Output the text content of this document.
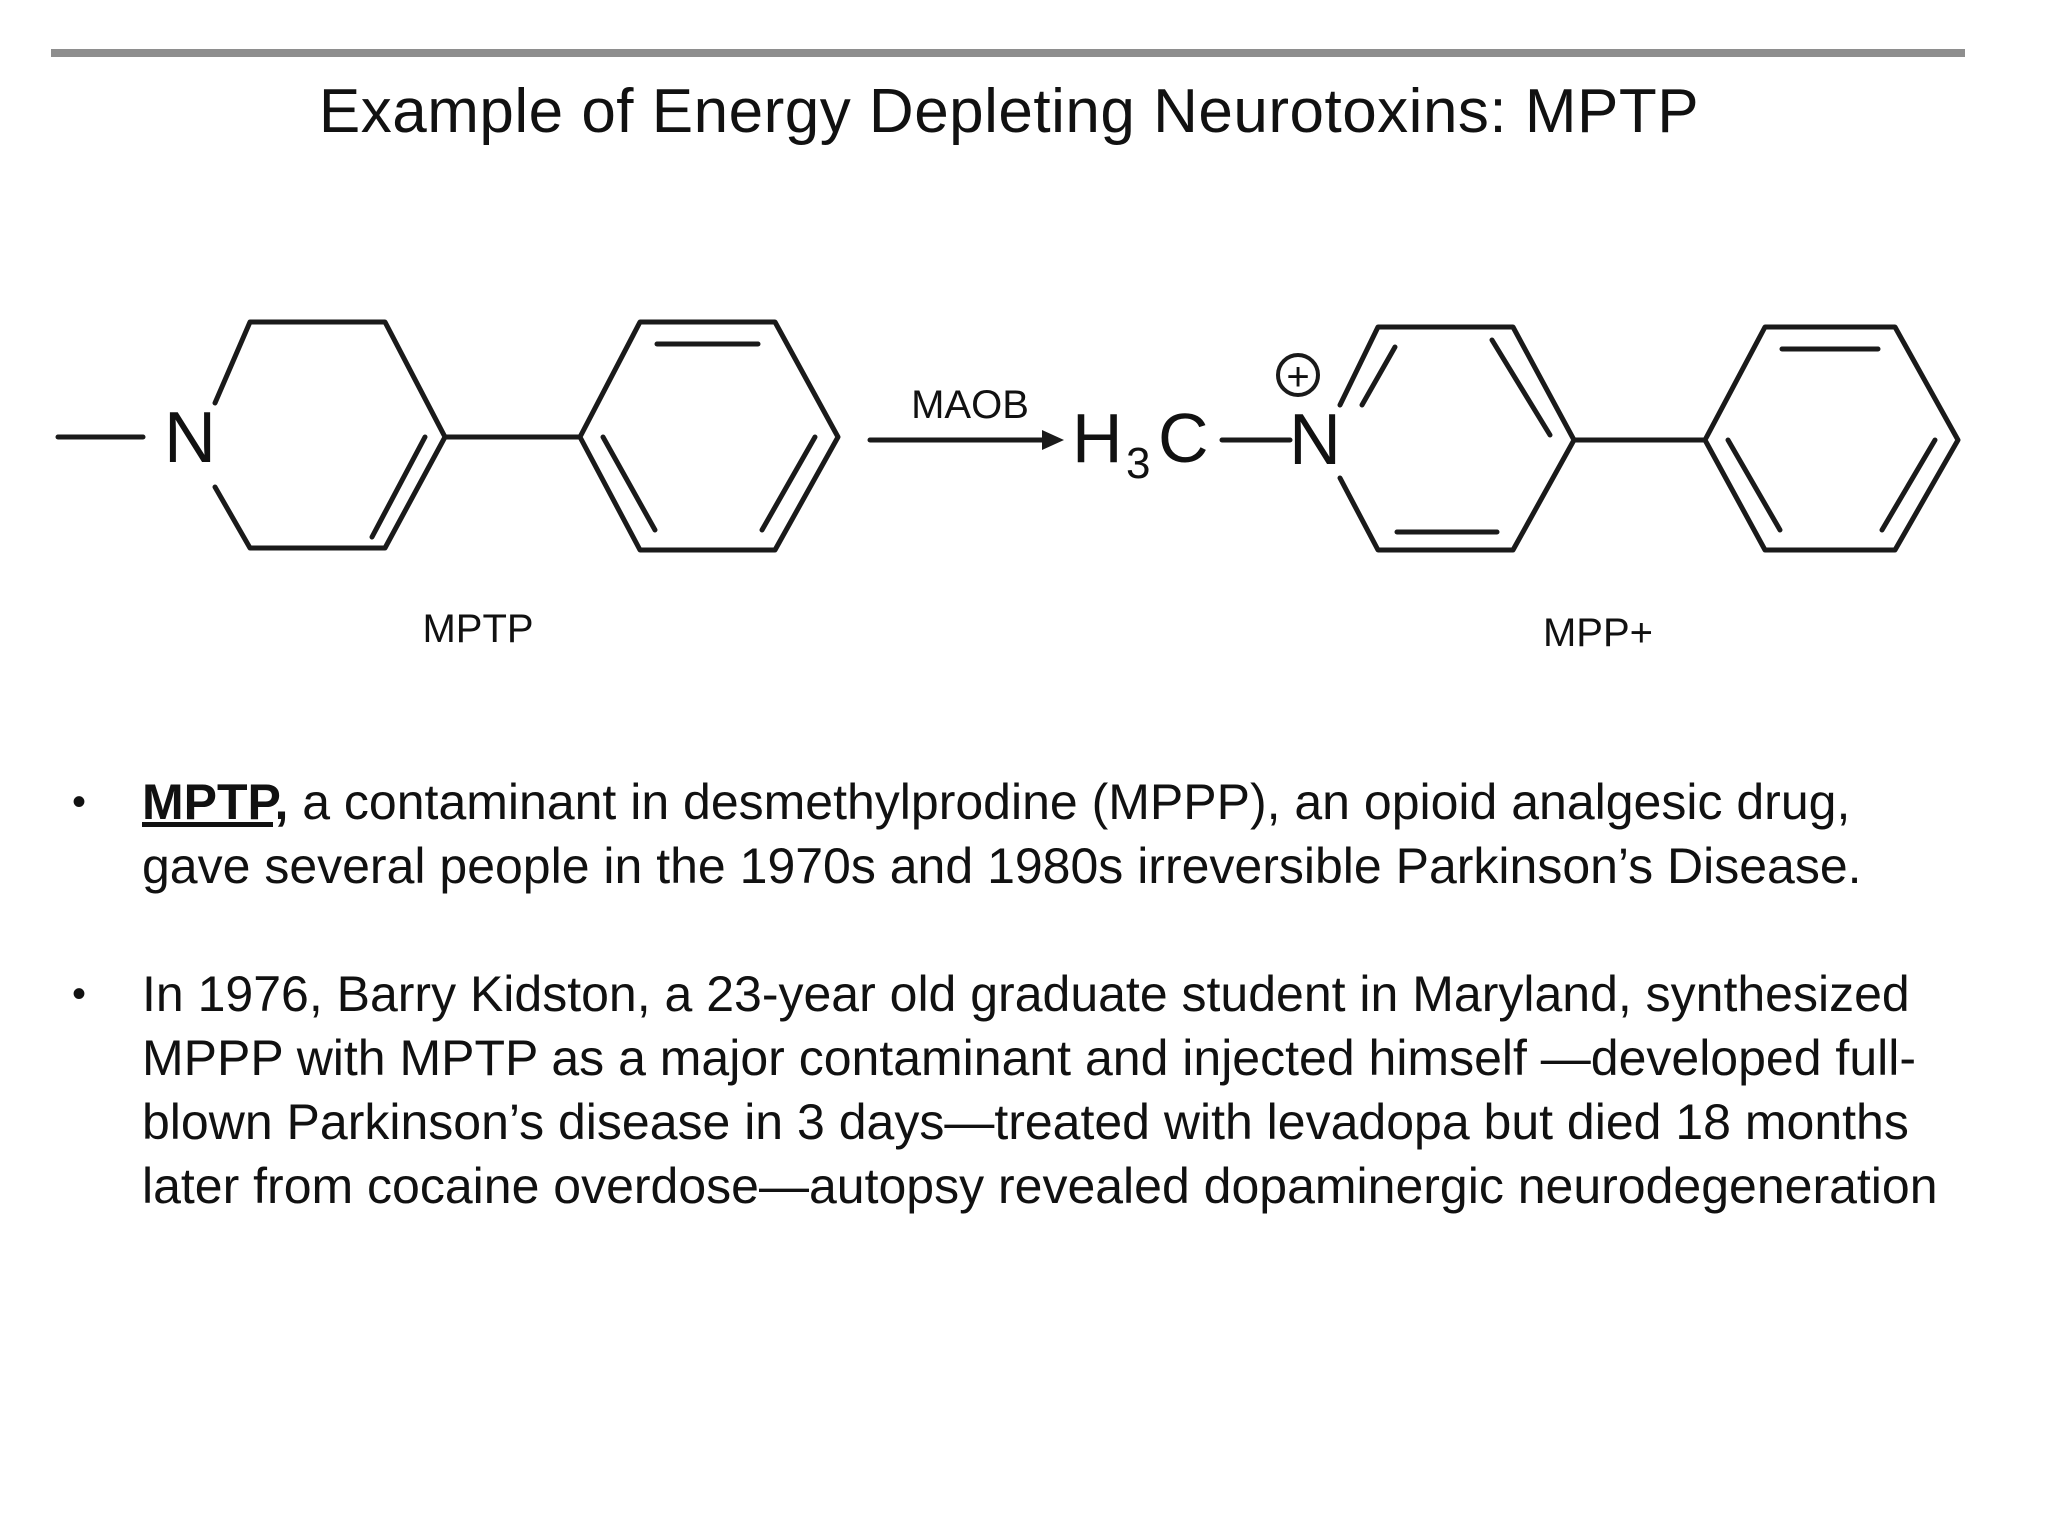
Example of Energy Depleting Neurotoxins: MPTP
N	MAOB H 3 C N
+
MPTP	MPP+
• MPTP, a contaminant in desmethylprodine (MPPP), an opioid analgesic drug, gave several people in the 1970s and 1980s irreversible Parkinson’s Disease.
• In 1976, Barry Kidston, a 23-year old graduate student in Maryland, synthesized MPPP with MPTP as a major contaminant and injected himself —developed full-blown Parkinson’s disease in 3 days—treated with levadopa but died 18 months later from cocaine overdose—autopsy revealed dopaminergic neurodegeneration
